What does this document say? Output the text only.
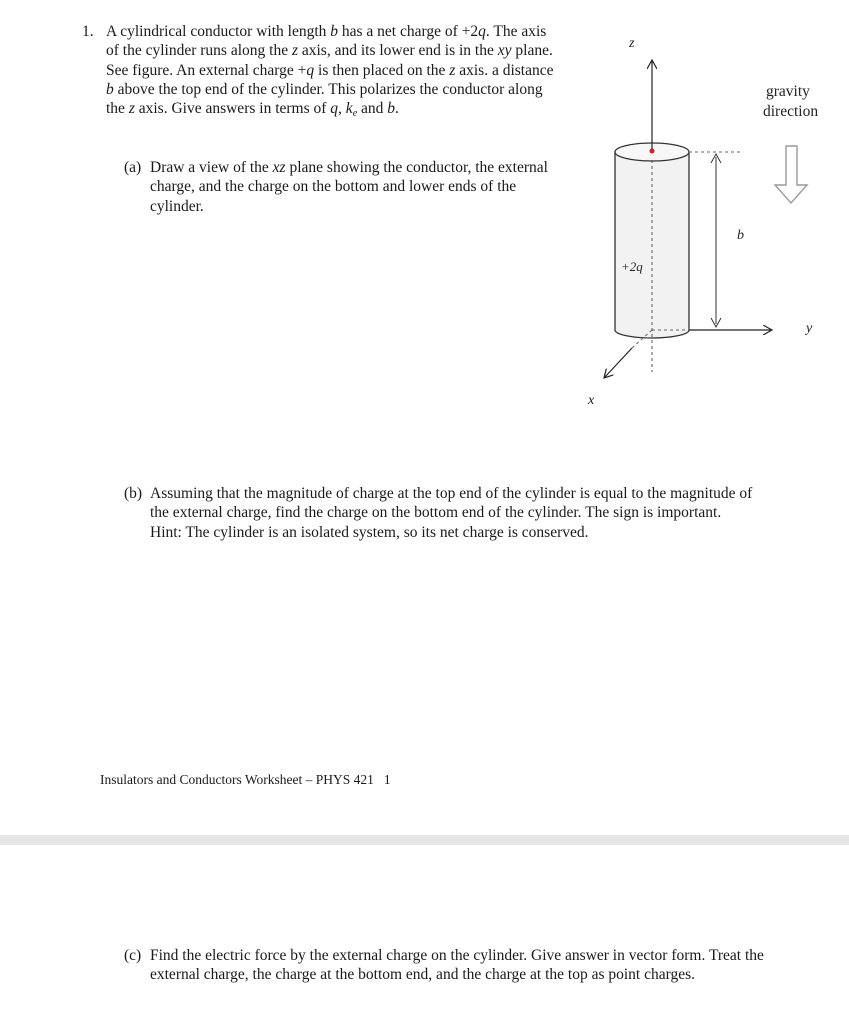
1. A cylindrical conductor with length b has a net charge of +2q. The axis of the cylinder runs along the z axis, and its lower end is in the xy plane. See figure. An external charge +q is then placed on the z axis. a distance b above the top end of the cylinder. This polarizes the conductor along the z axis. Give answers in terms of q, $k_e$ and b.
(a) Draw a view of the xz plane showing the conductor, the external charge, and the charge on the bottom and lower ends of the cylinder.
z
x
y
b
+2q
gravity
direction
(b) Assuming that the magnitude of charge at the top end of the cylinder is equal to the magnitude of the external charge, find the charge on the bottom end of the cylinder. The sign is important. Hint: The cylinder is an isolated system, so its net charge is conserved.
Insulators and Conductors Worksheet – PHYS 421 1
(c) Find the electric force by the external charge on the cylinder. Give answer in vector form. Treat the external charge, the charge at the bottom end, and the charge at the top as point charges.
